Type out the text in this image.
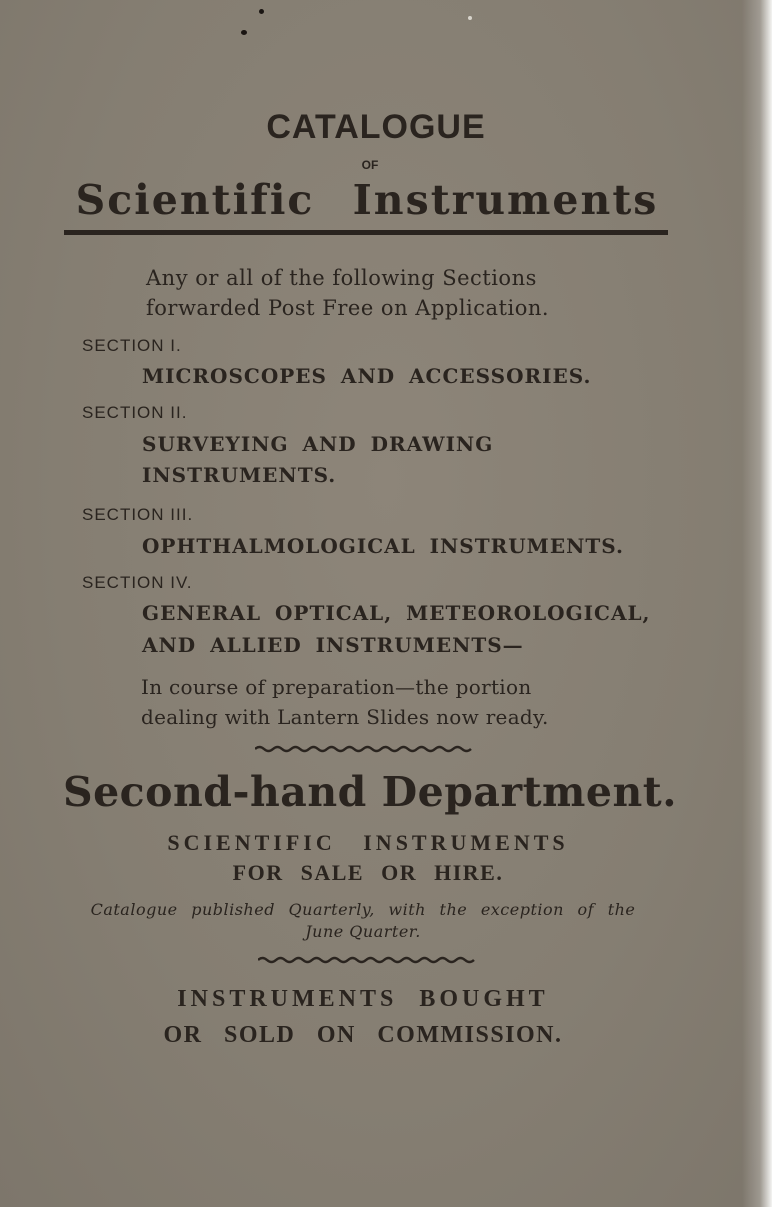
CATALOGUE
OF
Scientific Instruments
Any or all of the following Sections
forwarded Post Free on Application.
SECTION I.
MICROSCOPES AND ACCESSORIES.
SECTION II.
SURVEYING AND DRAWING
INSTRUMENTS.
SECTION III.
OPHTHALMOLOGICAL INSTRUMENTS.
SECTION IV.
GENERAL OPTICAL, METEOROLOGICAL,
AND ALLIED INSTRUMENTS—
In course of preparation—the portion
dealing with Lantern Slides now ready.
Second-hand Department.
SCIENTIFIC INSTRUMENTS
FOR SALE OR HIRE.
Catalogue published Quarterly, with the exception of the
June Quarter.
INSTRUMENTS BOUGHT
OR SOLD ON COMMISSION.
